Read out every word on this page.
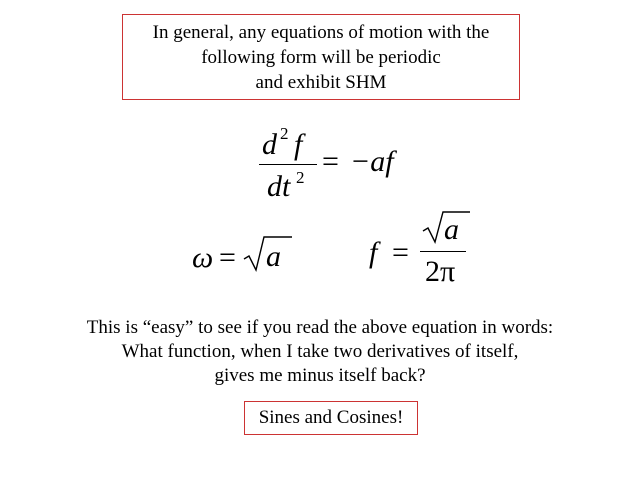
In general, any equations of motion with the
following form will be periodic
and exhibit SHM
d 2 f
dt 2 = −af
ω = a	f =
a
2π
This is “easy” to see if you read the above equation in words:
What function, when I take two derivatives of itself,
gives me minus itself back?
Sines and Cosines!
